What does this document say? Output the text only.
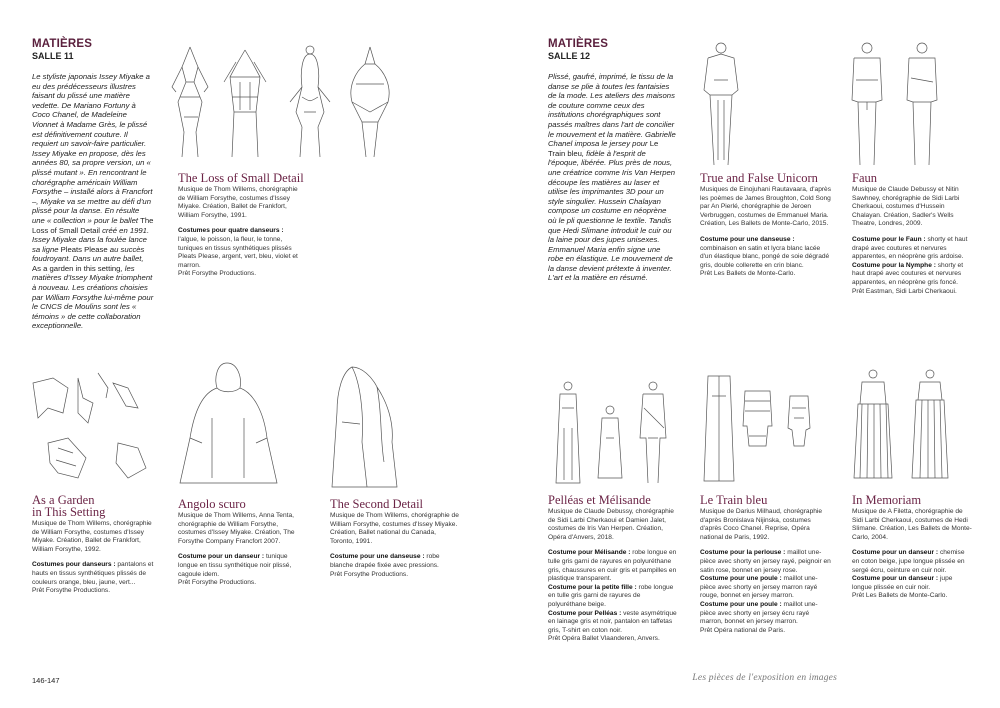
MATIÈRES
SALLE 11

Le styliste japonais Issey Miyake a eu des prédécesseurs illustres faisant du plissé une matière vedette. De Mariano Fortuny à Coco Chanel, de Madeleine Vionnet à Madame Grès, le plissé est définitivement couture. Il requiert un savoir-faire particulier. Issey Miyake en propose, dès les années 80, sa propre version, un « plissé mutant ». En rencontrant le chorégraphe américain William Forsythe – installé alors à Francfort –, Miyake va se mettre au défi d'un plissé pour la danse. En résulte une « collection » pour le ballet The Loss of Small Detail créé en 1991. Issey Miyake dans la foulée lance sa ligne Pleats Please au succès foudroyant. Dans un autre ballet, As a garden in this setting, les matières d'Issey Miyake triomphent à nouveau. Les créations choisies par William Forsythe lui-même pour le CNCS de Moulins sont les « témoins » de cette collaboration exceptionnelle.

The Loss of Small Detail

Musique de Thom Willems, chorégraphie de William Forsythe, costumes d'Issey Miyake. Création, Ballet de Frankfort, William Forsythe, 1991.

Costumes pour quatre danseurs : l'algue, le poisson, la fleur, le tonne, tuniques en tissus synthétiques plissés Pleats Please, argent, vert, bleu, violet et marron.

Prêt Forsythe Productions.

As a Garden
in This Setting

Musique de Thom Willems, chorégraphie de William Forsythe, costumes d'Issey Miyake. Création, Ballet de Frankfort, William Forsythe, 1992.

Costumes pour danseurs : pantalons et hauts en tissus synthétiques plissés de couleurs orange, bleu, jaune, vert...

Prêt Forsythe Productions.

Angolo scuro

Musique de Thom Willems, Anna Tenta, chorégraphie de William Forsythe, costumes d'Issey Miyake. Création, The Forsythe Company Francfort 2007.

Costume pour un danseur : tunique longue en tissu synthétique noir plissé, cagoule idem.

Prêt Forsythe Productions.

The Second Detail

Musique de Thom Willems, chorégraphie de William Forsythe, costumes d'Issey Miyake. Création, Ballet national du Canada, Toronto, 1991.

Costume pour une danseuse : robe blanche drapée fixée avec pressions.

Prêt Forsythe Productions.

146-147
MATIÈRES
SALLE 12

Plissé, gaufré, imprimé, le tissu de la danse se plie à toutes les fantaisies de la mode. Les ateliers des maisons de couture comme ceux des institutions chorégraphiques sont passés maîtres dans l'art de concilier le mouvement et la matière. Gabrielle Chanel imposa le jersey pour Le Train bleu, fidèle à l'esprit de l'époque, libérée. Plus près de nous, une créatrice comme Iris Van Herpen découpe les matières au laser et utilise les imprimantes 3D pour un style singulier. Hussein Chalayan compose un costume en néoprène où le pli questionne le textile. Tandis que Hedi Slimane introduit le cuir ou la laine pour des jupes unisexes. Emmanuel Maria enfin signe une robe en élastique. Le mouvement de la danse devient prétexte à inventer. L'art et la matière en résumé.

True and False Unicorn

Musiques de Einojuhani Rautavaara, d'après les poèmes de James Broughton, Cold Song par An Pierlé, chorégraphie de Jeroen Verbruggen, costumes de Emmanuel Maria. Création, Les Ballets de Monte-Carlo, 2015.

Costume pour une danseuse : combinaison en satin et lycra blanc lacée d'un élastique blanc, pongé de soie dégradé gris, double collerette en crin blanc.

Prêt Les Ballets de Monte-Carlo.

Faun

Musique de Claude Debussy et Nitin Sawhney, chorégraphie de Sidi Larbi Cherkaoui, costumes d'Hussein Chalayan. Création, Sadler's Wells Theatre, Londres, 2009.

Costume pour le Faun : shorty et haut drapé avec coutures et nervures apparentes, en néoprène gris ardoise.

Costume pour la Nymphe : shorty et haut drapé avec coutures et nervures apparentes, en néoprène gris foncé.

Prêt Eastman, Sidi Larbi Cherkaoui.

Pelléas et Mélisande

Musique de Claude Debussy, chorégraphie de Sidi Larbi Cherkaoui et Damien Jalet, costumes de Iris Van Herpen. Création, Opéra d'Anvers, 2018.

Costume pour Mélisande : robe longue en tulle gris garni de rayures en polyuréthane gris, chaussures en cuir gris et pampilles en plastique transparent.

Costume pour la petite fille : robe longue en tulle gris garni de rayures de polyuréthane beige.

Costume pour Pelléas : veste asymétrique en lainage gris et noir, pantalon en taffetas gris, T-shirt en coton noir.

Prêt Opéra Ballet Vlaanderen, Anvers.

Le Train bleu

Musique de Darius Milhaud, chorégraphie d'après Bronislava Nijinska, costumes d'après Coco Chanel. Reprise, Opéra national de Paris, 1992.

Costume pour la perlouse : maillot une-pièce avec shorty en jersey rayé, peignoir en satin rose, bonnet en jersey rose.

Costume pour une poule : maillot une-pièce avec shorty en jersey marron rayé rouge, bonnet en jersey marron.

Costume pour une poule : maillot une-pièce avec shorty en jersey écru rayé marron, bonnet en jersey marron.

Prêt Opéra national de Paris.

In Memoriam

Musique de A Filetta, chorégraphie de Sidi Larbi Cherkaoui, costumes de Hedi Slimane. Création, Les Ballets de Monte-Carlo, 2004.

Costume pour un danseur : chemise en coton beige, jupe longue plissée en sergé écru, ceinture en cuir noir.

Costume pour un danseur : jupe longue plissée en cuir noir.

Prêt Les Ballets de Monte-Carlo.

Les pièces de l'exposition en images
